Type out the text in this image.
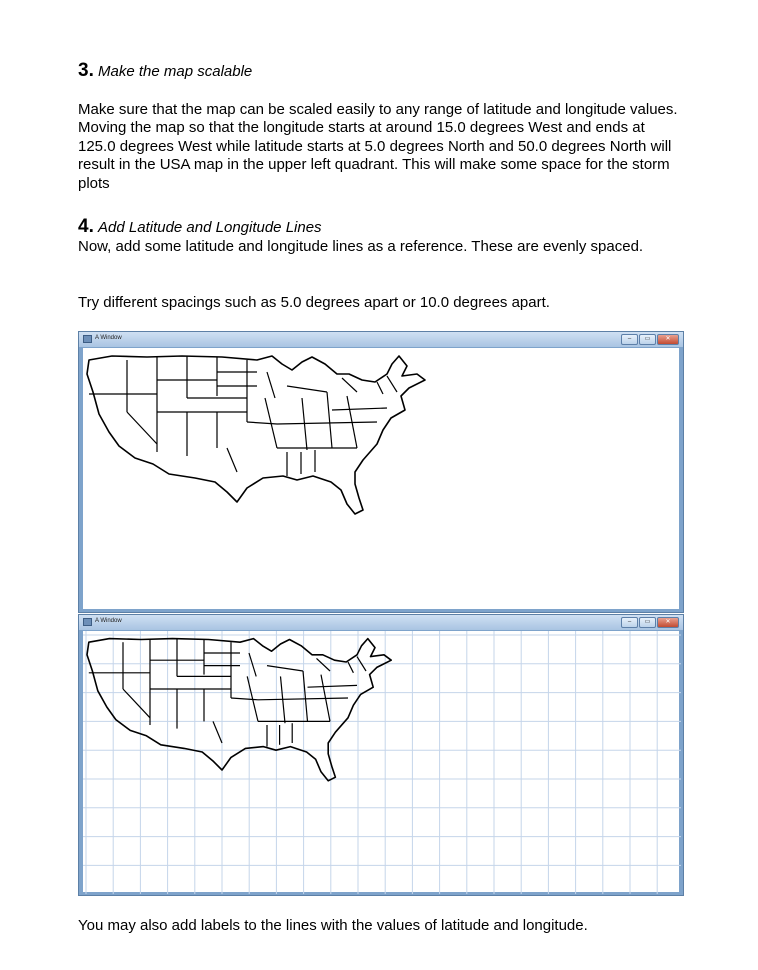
3. Make the map scalable
Make sure that the map can be scaled easily to any range of latitude and longitude values. Moving the map so that the longitude starts at around 15.0 degrees West and ends at 125.0 degrees West while latitude starts at 5.0 degrees North and 50.0 degrees North will result in the USA map in the upper left quadrant. This will make some space for the storm plots
4. Add Latitude and Longitude Lines
Now, add some latitude and longitude lines as a reference. These are evenly spaced.
Try different spacings such as 5.0 degrees apart or 10.0 degrees apart.
A Window	–	▭	✕
A Window	–	▭	✕
You may also add labels to the lines with the values of latitude and longitude.
